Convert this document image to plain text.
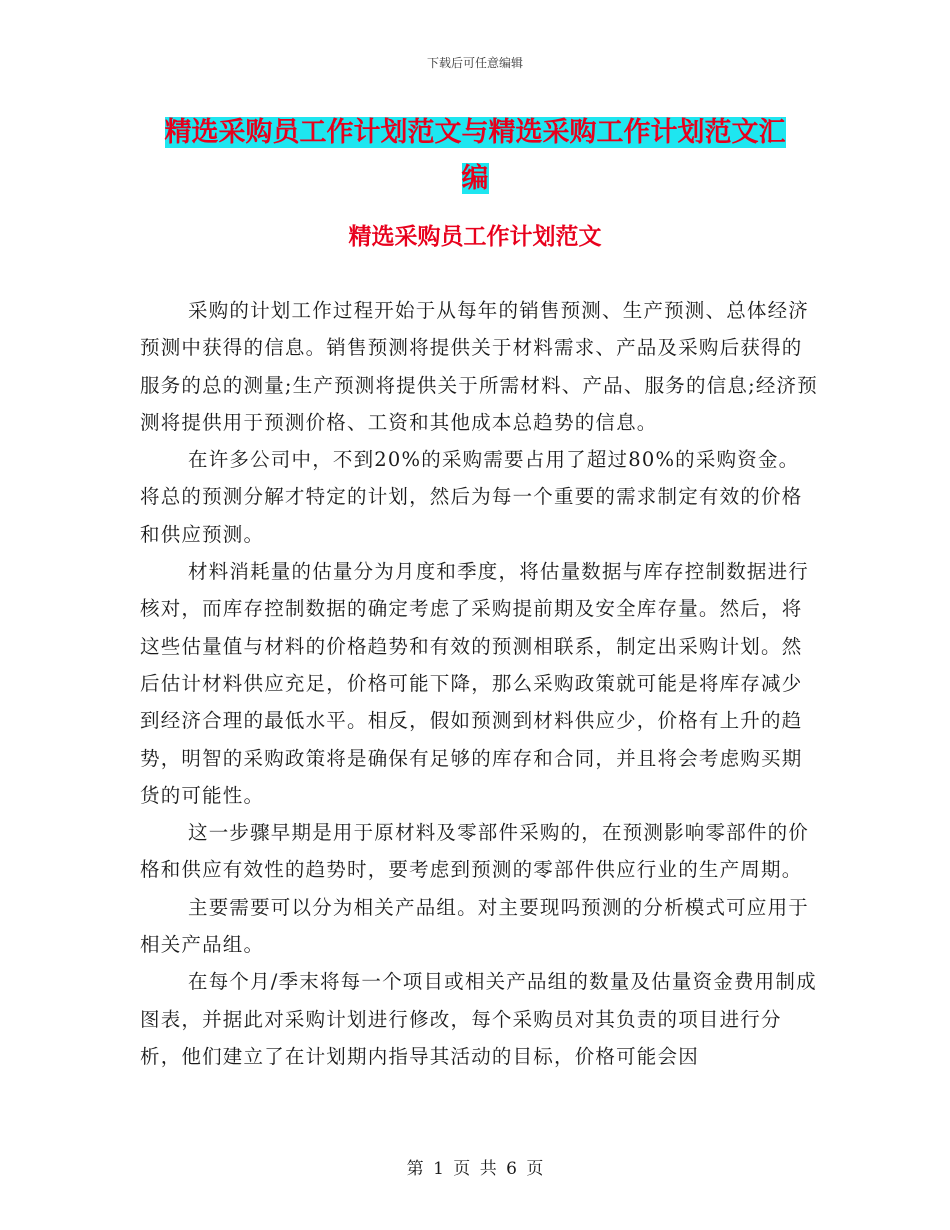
下载后可任意编辑
精选采购员工作计划范文与精选采购工作计划范文汇
编
精选采购员工作计划范文

采购的计划工作过程开始于从每年的销售预测、生产预测、总体经济预测中获得的信息。销售预测将提供关于材料需求、产品及采购后获得的服务的总的测量;生产预测将提供关于所需材料、产品、服务的信息;经济预测将提供用于预测价格、工资和其他成本总趋势的信息。

在许多公司中，不到20%的采购需要占用了超过80%的采购资金。将总的预测分解才特定的计划，然后为每一个重要的需求制定有效的价格和供应预测。

材料消耗量的估量分为月度和季度，将估量数据与库存控制数据进行核对，而库存控制数据的确定考虑了采购提前期及安全库存量。然后，将这些估量值与材料的价格趋势和有效的预测相联系，制定出采购计划。然后估计材料供应充足，价格可能下降，那么采购政策就可能是将库存减少到经济合理的最低水平。相反，假如预测到材料供应少，价格有上升的趋势，明智的采购政策将是确保有足够的库存和合同，并且将会考虑购买期货的可能性。

这一步骤早期是用于原材料及零部件采购的，在预测影响零部件的价格和供应有效性的趋势时，要考虑到预测的零部件供应行业的生产周期。

主要需要可以分为相关产品组。对主要现吗预测的分析模式可应用于相关产品组。

在每个月/季末将每一个项目或相关产品组的数量及估量资金费用制成图表，并据此对采购计划进行修改，每个采购员对其负责的项目进行分析，他们建立了在计划期内指导其活动的目标，价格可能会因

第 1 页 共 6 页
